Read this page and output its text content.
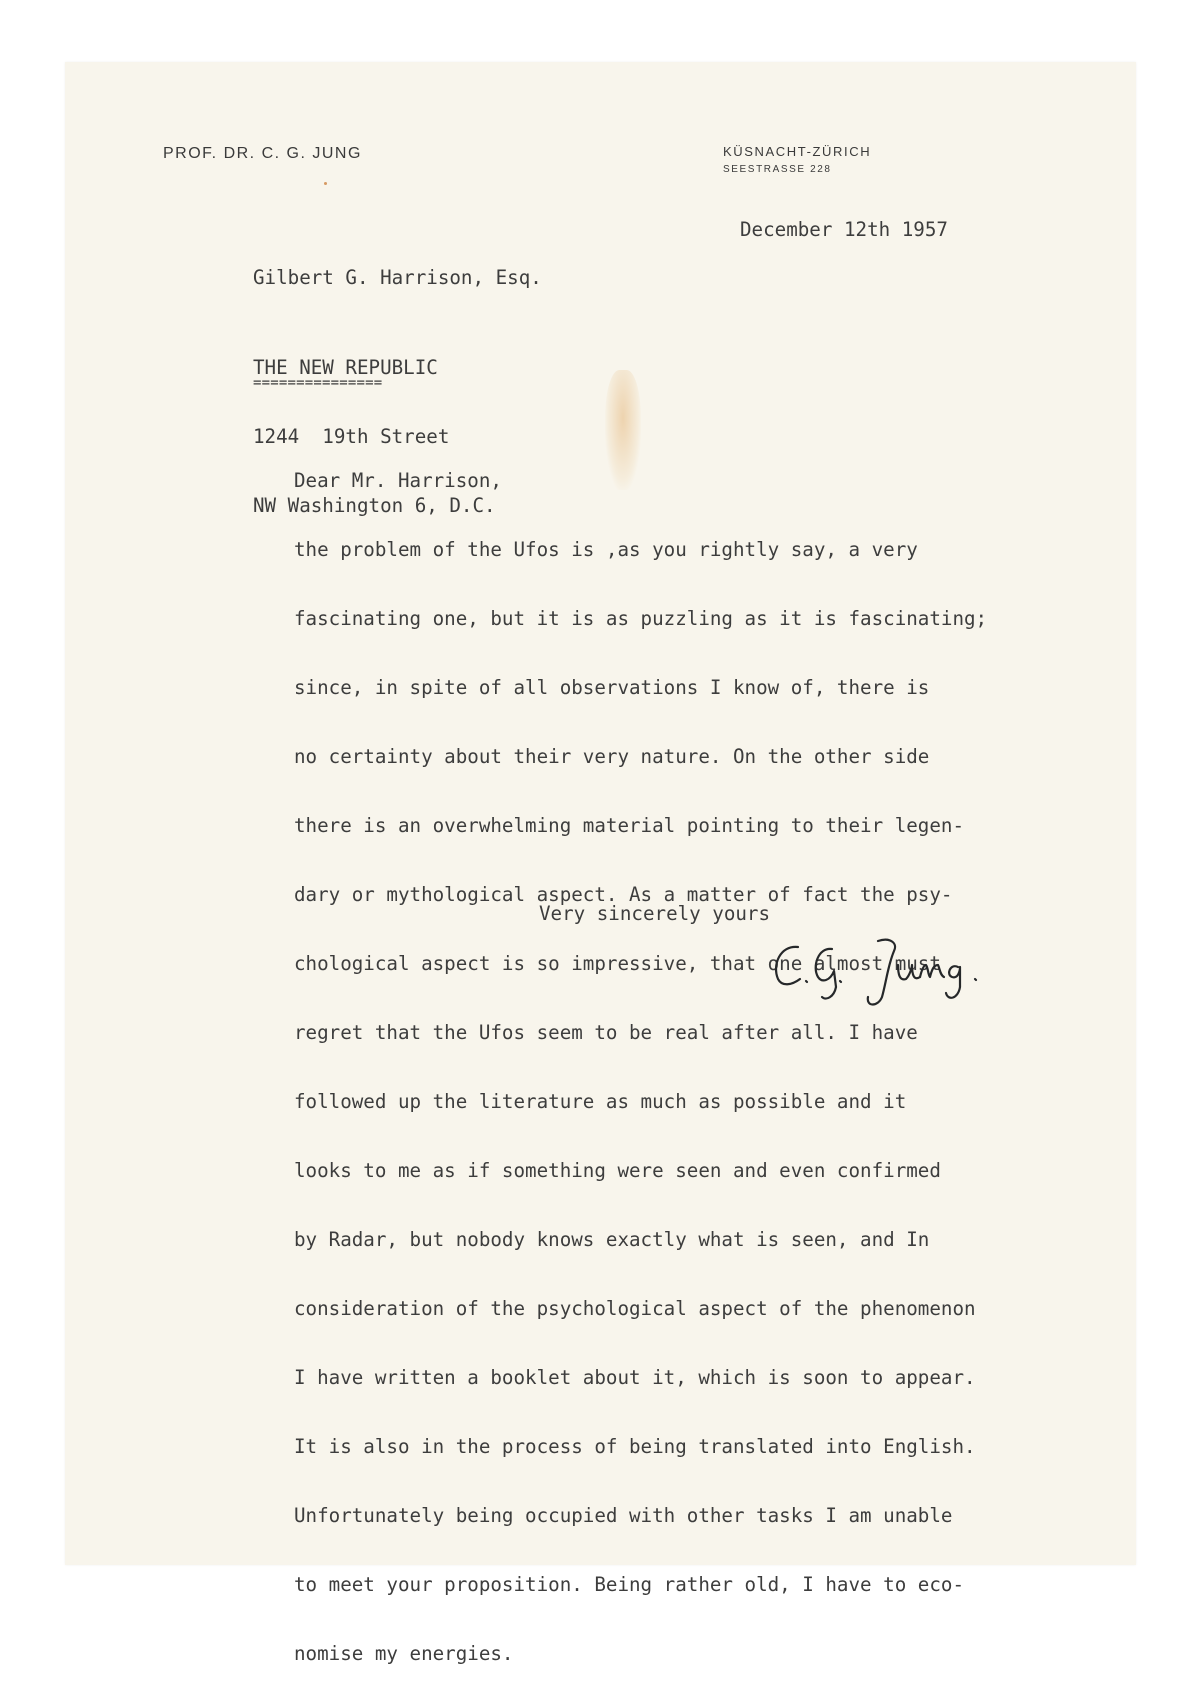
PROF. DR. C. G. JUNG	KÜSNACHT-ZÜRICH
SEESTRASSE 228
December 12th 1957
Gilbert G. Harrison, Esq.

THE NEW REPUBLIC

1244  19th Street

NW Washington 6, D.C.

===============
Dear Mr. Harrison,

the problem of the Ufos is ,as you rightly say, a very

fascinating one, but it is as puzzling as it is fascinating;

since, in spite of all observations I know of, there is

no certainty about their very nature. On the other side

there is an overwhelming material pointing to their legen-

dary or mythological aspect. As a matter of fact the psy-

chological aspect is so impressive, that one almost must

regret that the Ufos seem to be real after all. I have

followed up the literature as much as possible and it

looks to me as if something were seen and even confirmed

by Radar, but nobody knows exactly what is seen, and In

consideration of the psychological aspect of the phenomenon

I have written a booklet about it, which is soon to appear.

It is also in the process of being translated into English.

Unfortunately being occupied with other tasks I am unable

to meet your proposition. Being rather old, I have to eco-

nomise my energies.

Very sincerely yours
